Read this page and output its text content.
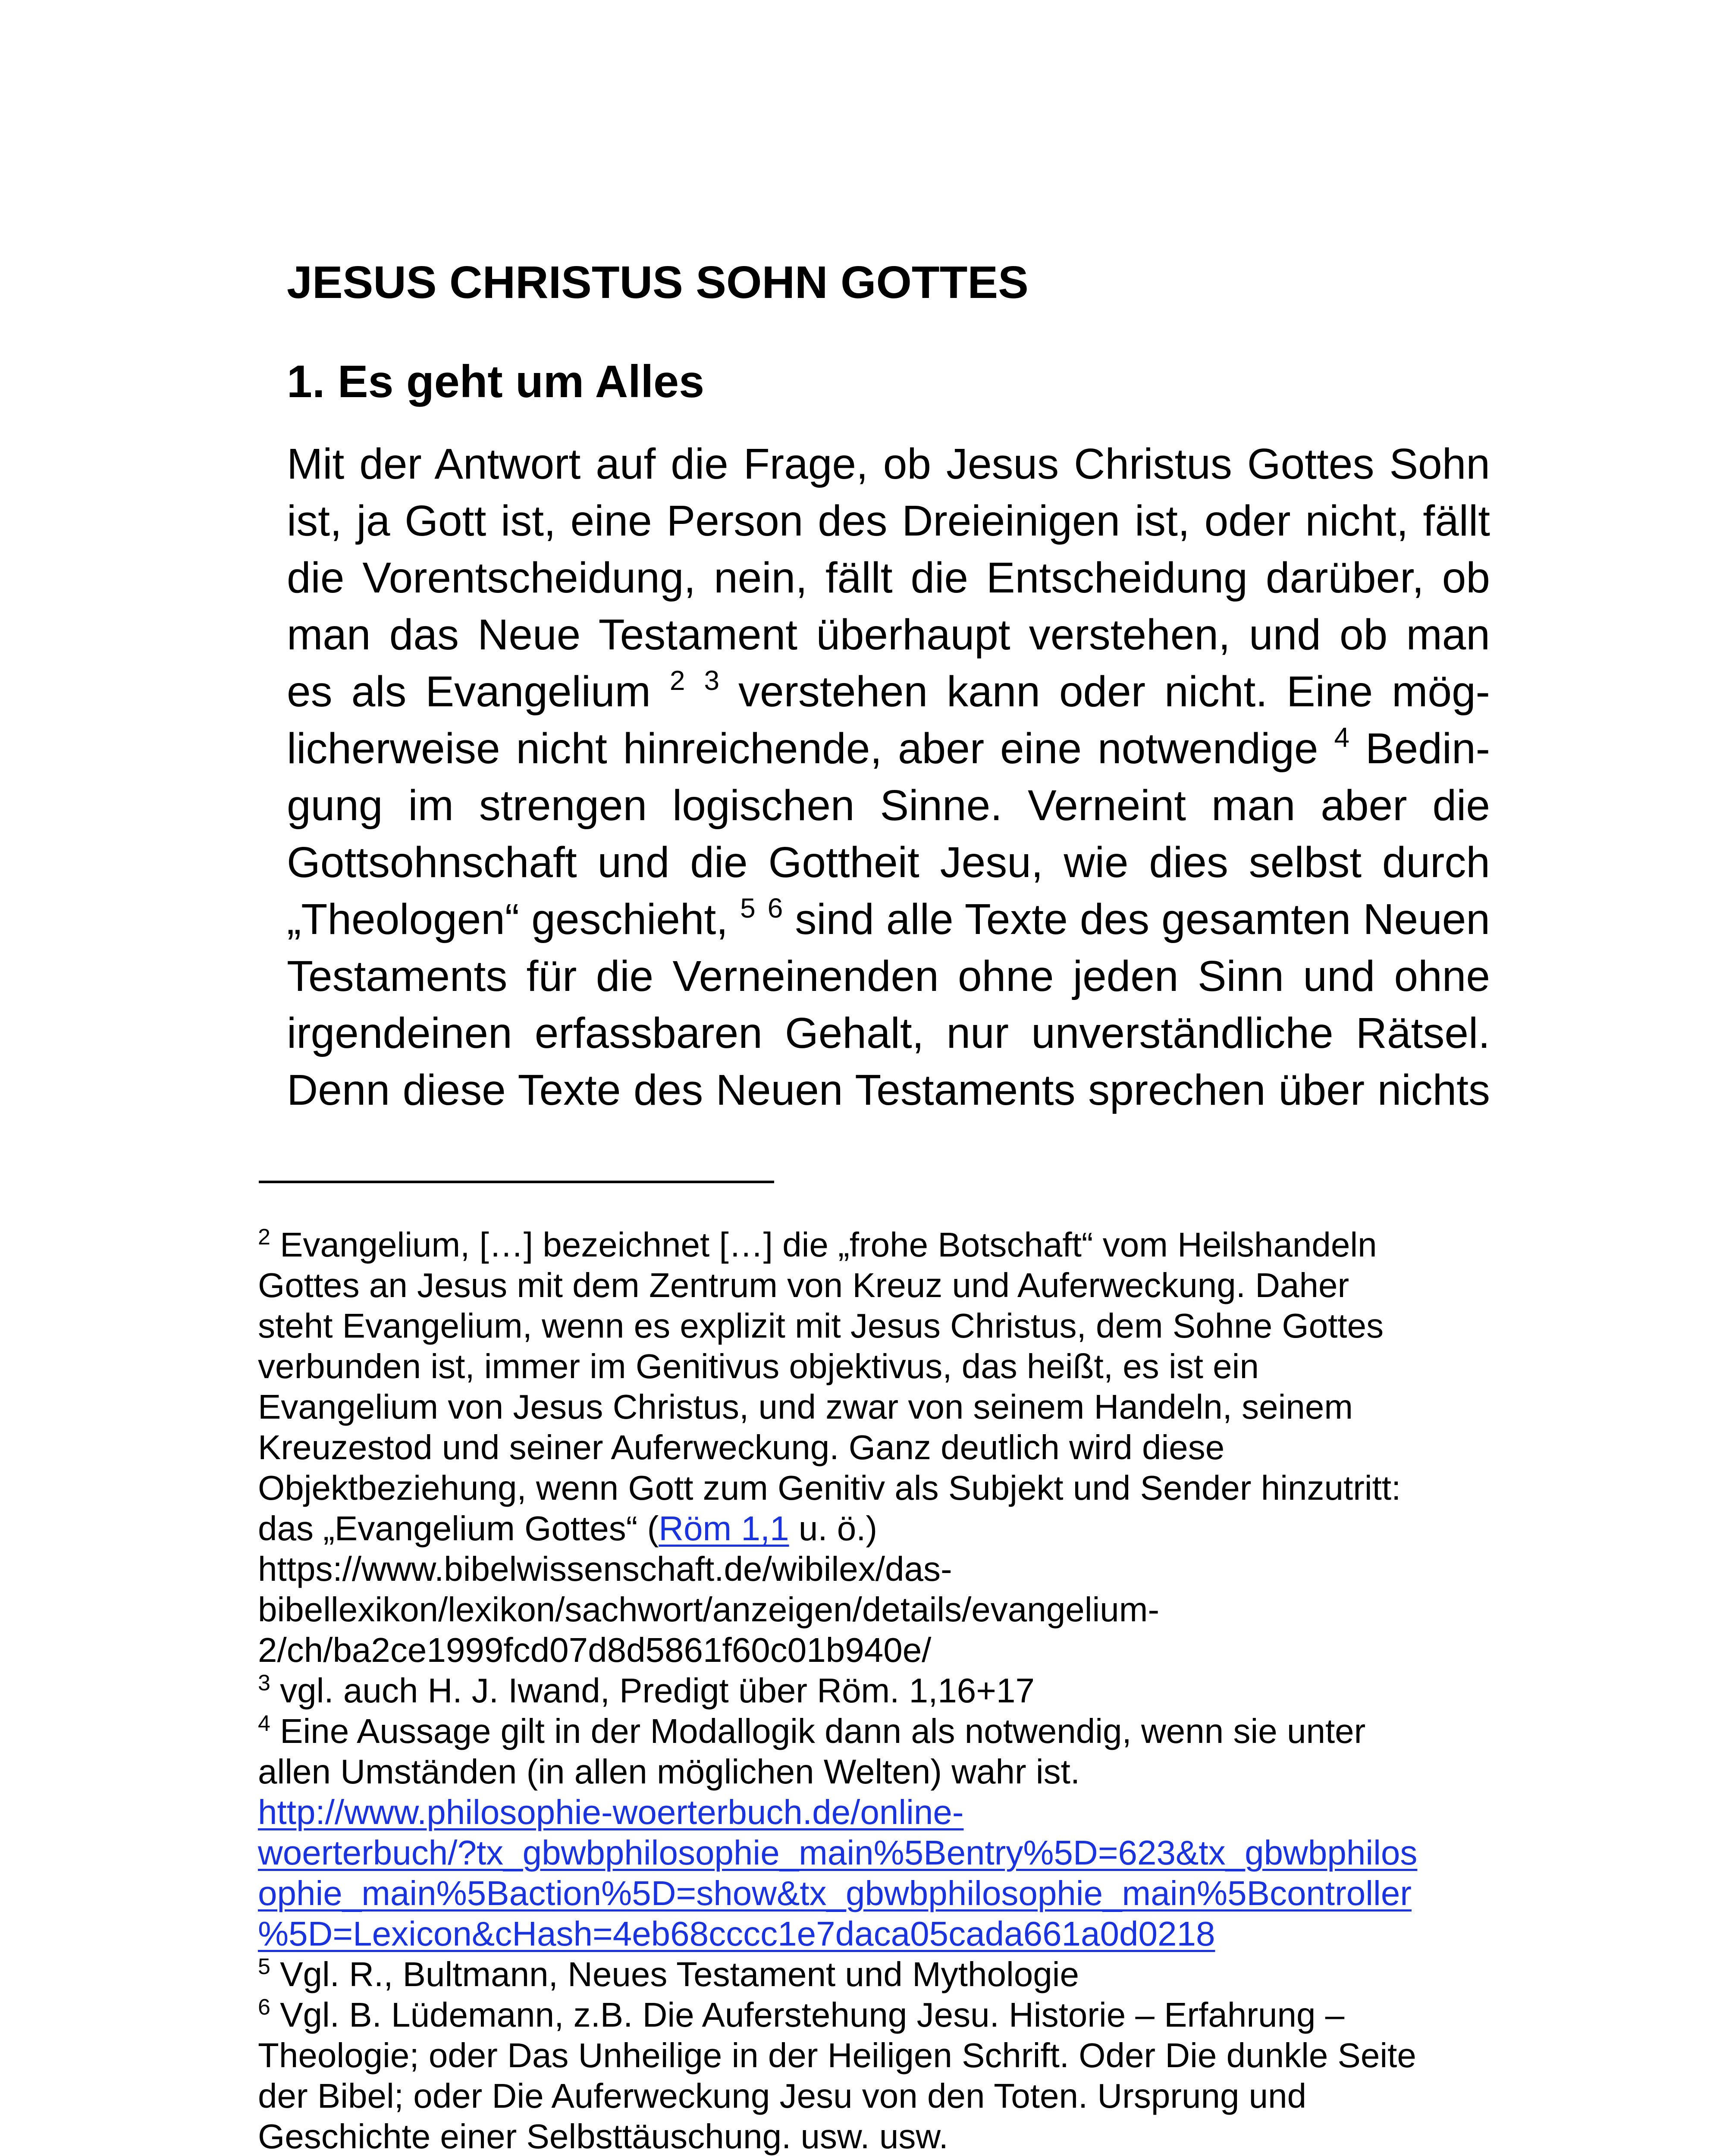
JESUS CHRISTUS SOHN GOTTES
1. Es geht um Alles
Mit der Antwort auf die Frage, ob Jesus Christus Gottes Sohn
ist, ja Gott ist, eine Person des Dreieinigen ist, oder nicht, fällt
die Vorentscheidung, nein, fällt die Entscheidung darüber, ob
man das Neue Testament überhaupt verstehen, und ob man
es als Evangelium $^2$ $^3$ verstehen kann oder nicht. Eine mög-
licherweise nicht hinreichende, aber eine notwendige $^4$ Bedin-
gung im strengen logischen Sinne. Verneint man aber die
Gottsohnschaft und die Gottheit Jesu, wie dies selbst durch
„Theologen“ geschieht, $^5$ $^6$ sind alle Texte des gesamten Neuen
Testaments für die Verneinenden ohne jeden Sinn und ohne
irgendeinen erfassbaren Gehalt, nur unverständliche Rätsel.
Denn diese Texte des Neuen Testaments sprechen über nichts
$^2$ Evangelium, […] bezeichnet […] die „frohe Botschaft“ vom Heilshandeln
Gottes an Jesus mit dem Zentrum von Kreuz und Auferweckung. Daher
steht Evangelium, wenn es explizit mit Jesus Christus, dem Sohne Gottes
verbunden ist, immer im Genitivus objektivus, das heißt, es ist ein
Evangelium von Jesus Christus, und zwar von seinem Handeln, seinem
Kreuzestod und seiner Auferweckung. Ganz deutlich wird diese
Objektbeziehung, wenn Gott zum Genitiv als Subjekt und Sender hinzutritt:
das „Evangelium Gottes“ (Röm 1,1 u. ö.)
https://www.bibelwissenschaft.de/wibilex/das-
bibellexikon/lexikon/sachwort/anzeigen/details/evangelium-
2/ch/ba2ce1999fcd07d8d5861f60c01b940e/
$^3$ vgl. auch H. J. Iwand, Predigt über Röm. 1,16+17
$^4$ Eine Aussage gilt in der Modallogik dann als notwendig, wenn sie unter
allen Umständen (in allen möglichen Welten) wahr ist.
http://www.philosophie-woerterbuch.de/online-
woerterbuch/?tx_gbwbphilosophie_main%5Bentry%5D=623&tx_gbwbphilos
ophie_main%5Baction%5D=show&tx_gbwbphilosophie_main%5Bcontroller
%5D=Lexicon&cHash=4eb68cccc1e7daca05cada661a0d0218
$^5$ Vgl. R., Bultmann, Neues Testament und Mythologie
$^6$ Vgl. B. Lüdemann, z.B. Die Auferstehung Jesu. Historie – Erfahrung –
Theologie; oder Das Unheilige in der Heiligen Schrift. Oder Die dunkle Seite
der Bibel; oder Die Auferweckung Jesu von den Toten. Ursprung und
Geschichte einer Selbsttäuschung. usw. usw.
